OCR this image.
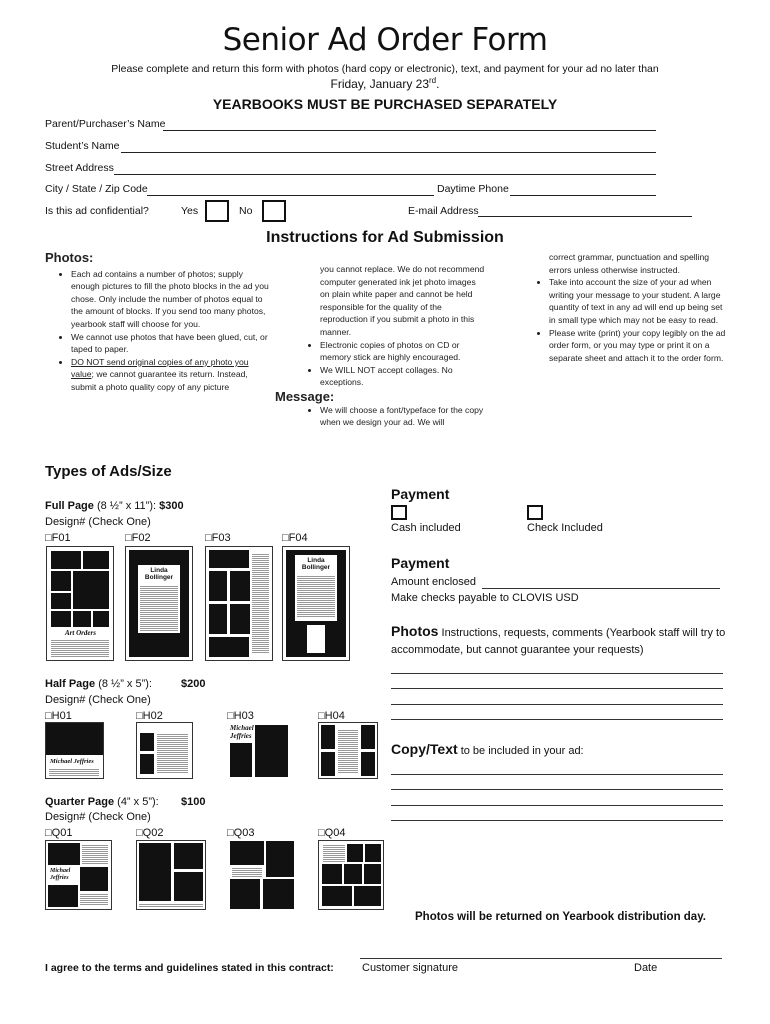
Senior Ad Order Form
Please complete and return this form with photos (hard copy or electronic), text, and payment for your ad no later than
Friday, January 23rd.
YEARBOOKS MUST BE PURCHASED SEPARATELY
Parent/Purchaser’s Name
Student’s Name
Street Address
City / State / Zip Code	Daytime Phone
Is this ad confidential?	Yes	No	E-mail Address
Instructions for Ad Submission
Photos:
• Each ad contains a number of photos; supply enough pictures to fill the photo blocks in the ad you chose. Only include the number of photos equal to the amount of blocks. If you send too many photos, yearbook staff will choose for you.
• We cannot use photos that have been glued, cut, or taped to paper.
• DO NOT send original copies of any photo you value; we cannot guarantee its return. Instead, submit a photo quality copy of any picture
you cannot replace. We do not recommend computer generated ink jet photo images on plain white paper and cannot be held responsible for the quality of the reproduction if you submit a photo in this manner.
• Electronic copies of photos on CD or memory stick are highly encouraged.
• We WILL NOT accept collages. No exceptions.
Message:
• We will choose a font/typeface for the copy when we design your ad. We will
correct grammar, punctuation and spelling errors unless otherwise instructed.
• Take into account the size of your ad when writing your message to your student. A large quantity of text in any ad will end up being set in small type which may not be easy to read.
• Please write (print) your copy legibly on the ad order form, or you may type or print it on a separate sheet and attach it to the order form.
Types of Ads/Size
Full Page (8 ½” x 11”): $300
Design# (Check One)
□F01	□F02	□F03	□F04
Art Orders
Linda Bollinger
Linda Bollinger
Half Page (8 ½” x 5”):	$200
Design# (Check One)
□H01	□H02	□H03	□H04
Michael Jeffries
Michael Jeffries
Quarter Page (4” x 5”): $100
Design# (Check One)
□Q01	□Q02	□Q03	□Q04
Michael Jeffries
Payment
Cash included	Check Included
Payment
Amount enclosed
Make checks payable to CLOVIS USD
Photos Instructions, requests, comments (Yearbook staff will try to accommodate, but cannot guarantee your requests)
Copy/Text to be included in your ad:
Photos will be returned on Yearbook distribution day.
I agree to the terms and guidelines stated in this contract:	Customer signature	Date
